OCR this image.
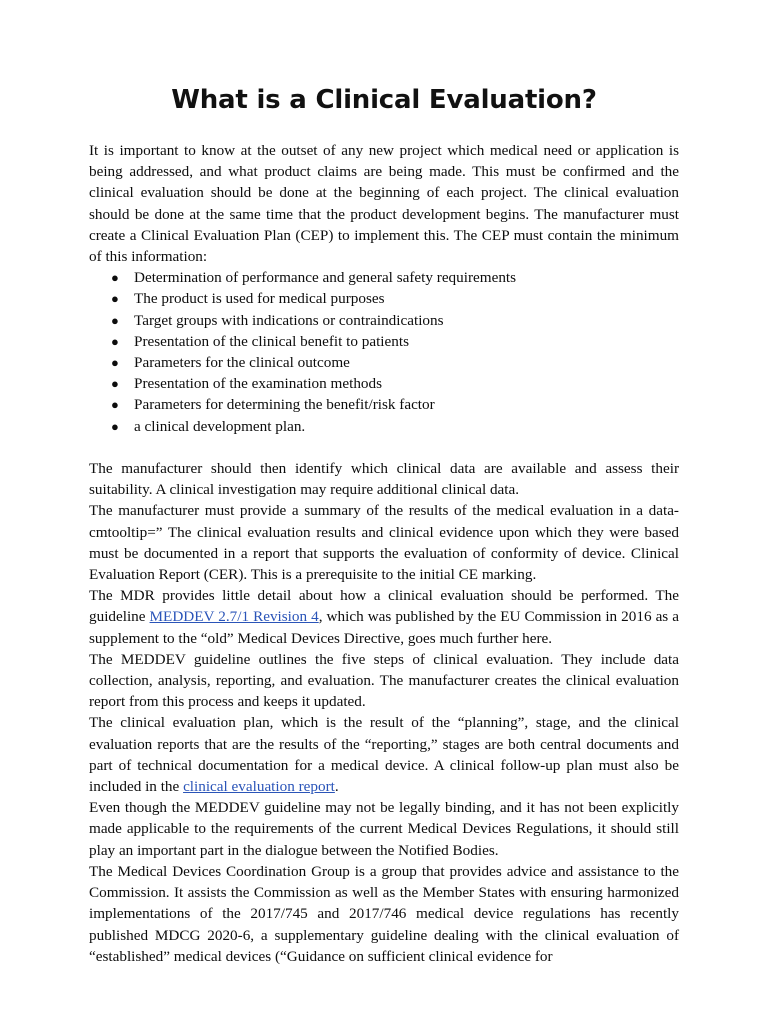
What is a Clinical Evaluation?

It is important to know at the outset of any new project which medical need or application is being addressed, and what product claims are being made. This must be confirmed and the clinical evaluation should be done at the beginning of each project. The clinical evaluation should be done at the same time that the product development begins. The manufacturer must create a Clinical Evaluation Plan (CEP) to implement this. The CEP must contain the minimum of this information:

● Determination of performance and general safety requirements
● The product is used for medical purposes
● Target groups with indications or contraindications
● Presentation of the clinical benefit to patients
● Parameters for the clinical outcome
● Presentation of the examination methods
● Parameters for determining the benefit/risk factor
● a clinical development plan.

The manufacturer should then identify which clinical data are available and assess their suitability. A clinical investigation may require additional clinical data.

The manufacturer must provide a summary of the results of the medical evaluation in a data-cmtooltip=” The clinical evaluation results and clinical evidence upon which they were based must be documented in a report that supports the evaluation of conformity of device. Clinical Evaluation Report (CER). This is a prerequisite to the initial CE marking.

The MDR provides little detail about how a clinical evaluation should be performed. The guideline MEDDEV 2.7/1 Revision 4, which was published by the EU Commission in 2016 as a supplement to the “old” Medical Devices Directive, goes much further here.

The MEDDEV guideline outlines the five steps of clinical evaluation. They include data collection, analysis, reporting, and evaluation. The manufacturer creates the clinical evaluation report from this process and keeps it updated.

The clinical evaluation plan, which is the result of the “planning”, stage, and the clinical evaluation reports that are the results of the “reporting,” stages are both central documents and part of technical documentation for a medical device. A clinical follow-up plan must also be included in the clinical evaluation report.

Even though the MEDDEV guideline may not be legally binding, and it has not been explicitly made applicable to the requirements of the current Medical Devices Regulations, it should still play an important part in the dialogue between the Notified Bodies.

The Medical Devices Coordination Group is a group that provides advice and assistance to the Commission. It assists the Commission as well as the Member States with ensuring harmonized implementations of the 2017/745 and 2017/746 medical device regulations has recently published MDCG 2020-6, a supplementary guideline dealing with the clinical evaluation of “established” medical devices (“Guidance on sufficient clinical evidence for
